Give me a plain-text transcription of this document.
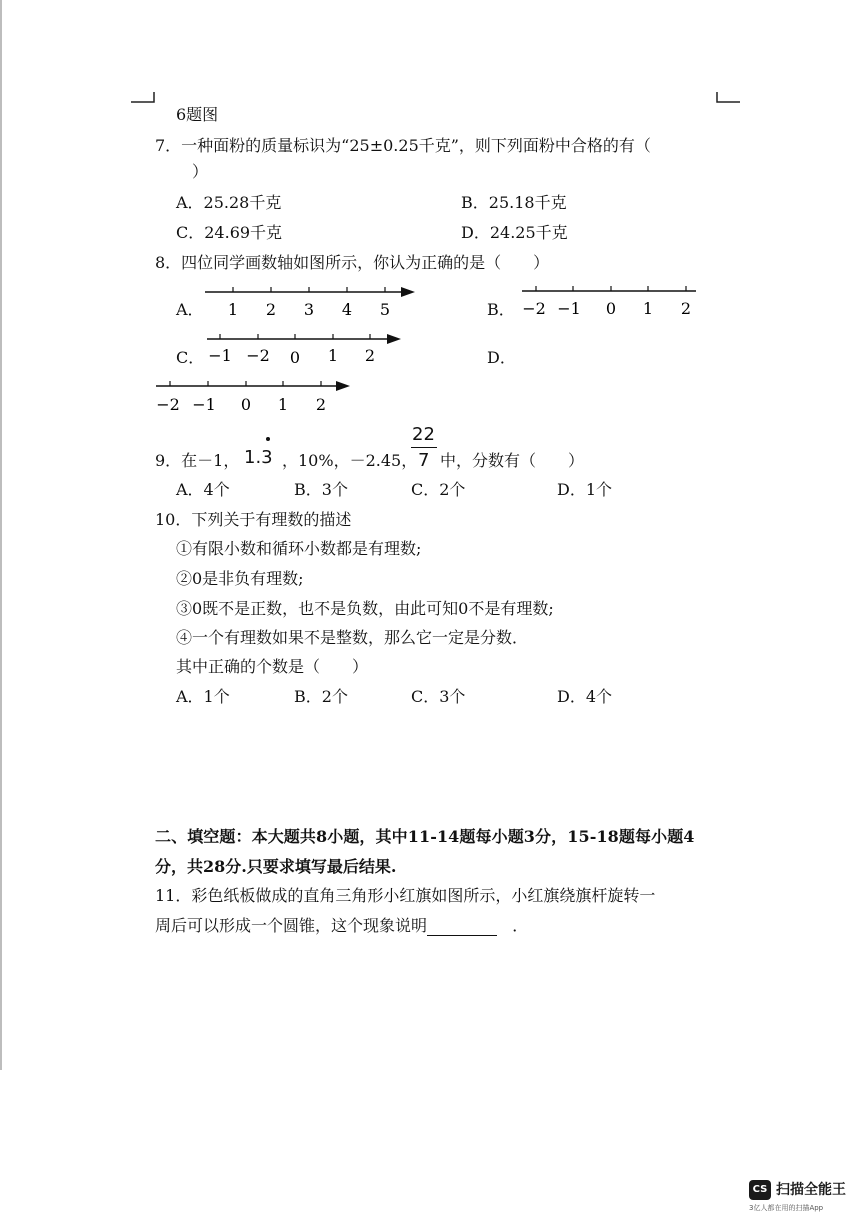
6题图
7．一种面粉的质量标识为“25±0.25千克”，则下列面粉中合格的有（
）
A．25.28千克	B．25.18千克
C．24.69千克	D．24.25千克
8．四位同学画数轴如图所示，你认为正确的是（　　）
A． 1 2 3 4 5	B． −2 −1 0 1 2
C． −1 −2 0 1 2	D．
−2 −1 0 1 2
9．在－1， 1.3 ，10%，－2.45，
22
7 中，分数有（　　）
A．4个	B．3个	C．2个	D．1个
10．下列关于有理数的描述
①有限小数和循环小数都是有理数;
②0是非负有理数;
③0既不是正数，也不是负数，由此可知0不是有理数;
④一个有理数如果不是整数，那么它一定是分数．
其中正确的个数是（　　）
A．1个	B．2个	C．3个	D．4个
二、填空题：本大题共8小题，其中11-14题每小题3分，15-18题每小题4
分，共28分.只要求填写最后结果.
11．彩色纸板做成的直角三角形小红旗如图所示，小红旗绕旗杆旋转一
周后可以形成一个圆锥，这个现象说明	．
CS 扫描全能王
3亿人都在用的扫描App
